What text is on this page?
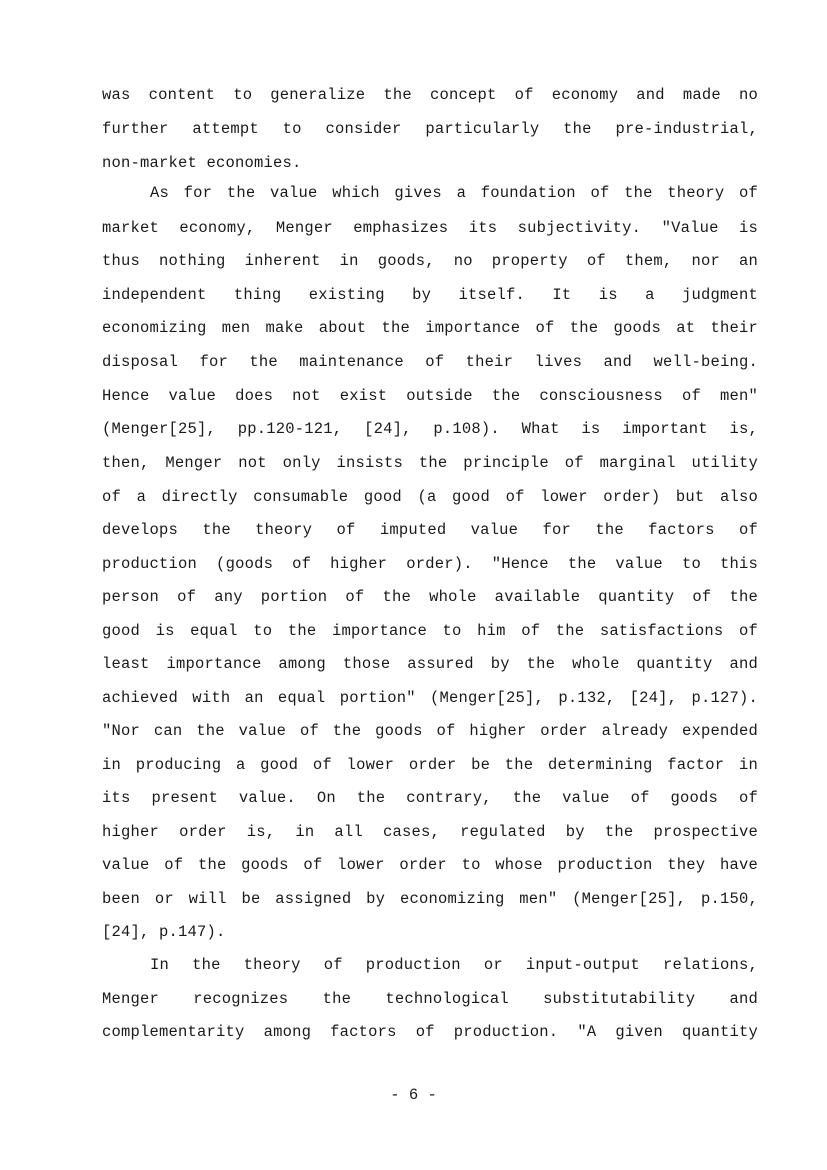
was content to generalize the concept of economy and made no
further attempt to consider particularly the pre-industrial,
non-market economies.
As for the value which gives a foundation of the theory of
market economy, Menger emphasizes its subjectivity. "Value is
thus nothing inherent in goods, no property of them, nor an
independent thing existing by itself. It is a judgment
economizing men make about the importance of the goods at their
disposal for the maintenance of their lives and well-being.
Hence value does not exist outside the consciousness of men"
(Menger[25], pp.120-121, [24], p.108). What is important is,
then, Menger not only insists the principle of marginal utility
of a directly consumable good (a good of lower order) but also
develops the theory of imputed value for the factors of
production (goods of higher order). "Hence the value to this
person of any portion of the whole available quantity of the
good is equal to the importance to him of the satisfactions of
least importance among those assured by the whole quantity and
achieved with an equal portion" (Menger[25], p.132, [24], p.127).
"Nor can the value of the goods of higher order already expended
in producing a good of lower order be the determining factor in
its present value. On the contrary, the value of goods of
higher order is, in all cases, regulated by the prospective
value of the goods of lower order to whose production they have
been or will be assigned by economizing men" (Menger[25], p.150,
[24], p.147).
In the theory of production or input-output relations,
Menger recognizes the technological substitutability and
complementarity among factors of production. "A given quantity
- 6 -
